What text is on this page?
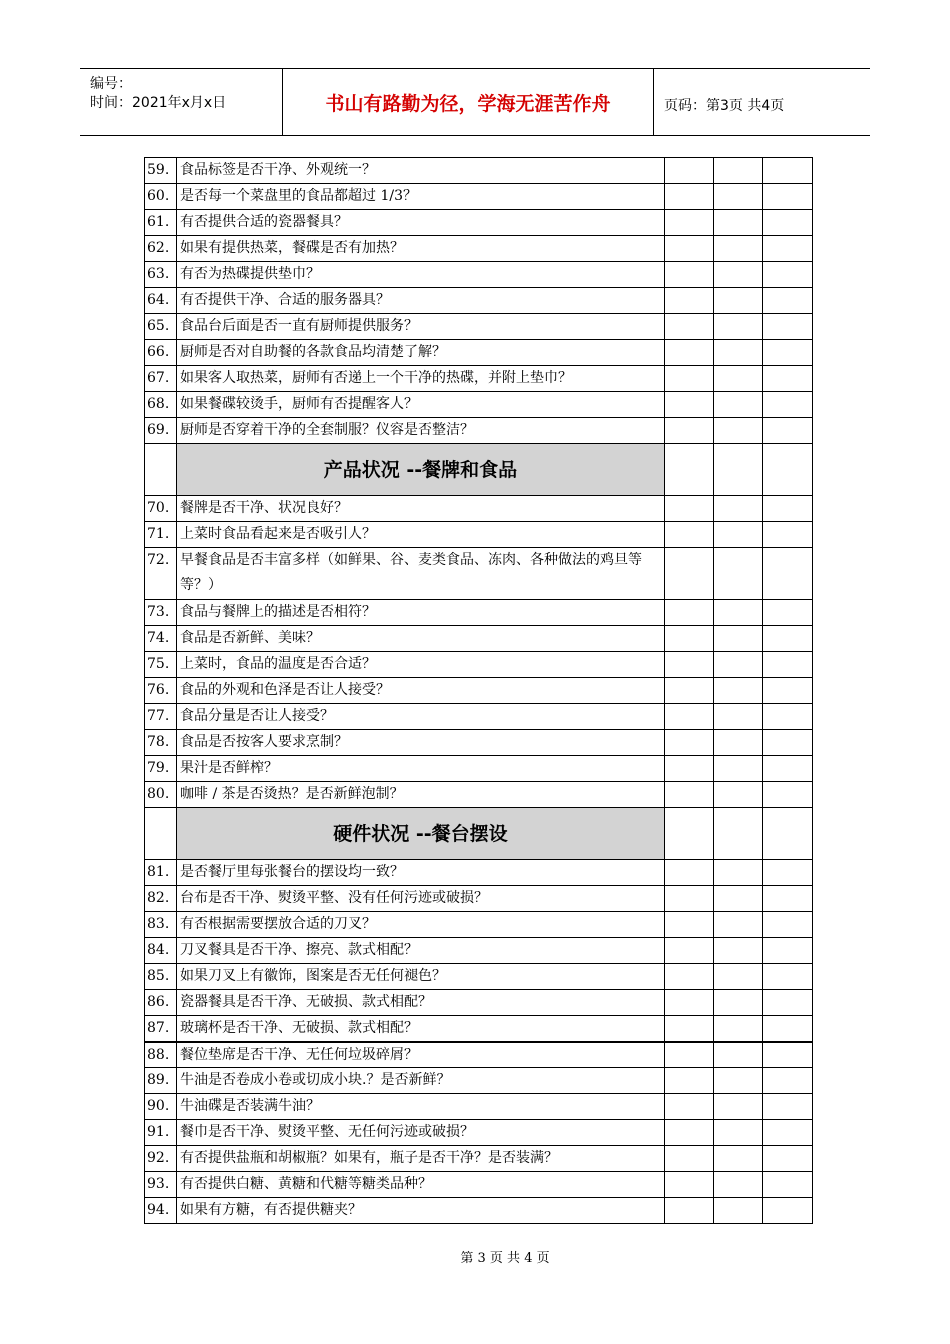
编号：
时间：2021年x月x日	书山有路勤为径，学海无涯苦作舟	页码：第3页 共4页
59.	食品标签是否干净、外观统一？			
60.	是否每一个菜盘里的食品都超过 1/3？			
61.	有否提供合适的瓷器餐具？			
62.	如果有提供热菜，餐碟是否有加热？			
63.	有否为热碟提供垫巾？			
64.	有否提供干净、合适的服务器具？			
65.	食品台后面是否一直有厨师提供服务？			
66.	厨师是否对自助餐的各款食品均清楚了解？			
67.	如果客人取热菜，厨师有否递上一个干净的热碟，并附上垫巾？			
68.	如果餐碟较烫手，厨师有否提醒客人？			
69.	厨师是否穿着干净的全套制服？仪容是否整洁？			
	产品状况 --餐牌和食品			
70.	餐牌是否干净、状况良好？			
71.	上菜时食品看起来是否吸引人？			
72.	早餐食品是否丰富多样（如鲜果、谷、麦类食品、冻肉、各种做法的鸡旦等等？）			
73.	食品与餐牌上的描述是否相符？			
74.	食品是否新鲜、美味？			
75.	上菜时，食品的温度是否合适？			
76.	食品的外观和色泽是否让人接受？			
77.	食品分量是否让人接受？			
78.	食品是否按客人要求烹制？			
79.	果汁是否鲜榨？			
80.	咖啡 / 茶是否烫热？是否新鲜泡制？			
	硬件状况 --餐台摆设			
81.	是否餐厅里每张餐台的摆设均一致？			
82.	台布是否干净、熨烫平整、没有任何污迹或破损？			
83.	有否根据需要摆放合适的刀叉？			
84.	刀叉餐具是否干净、擦亮、款式相配？			
85.	如果刀叉上有徽饰，图案是否无任何褪色？			
86.	瓷器餐具是否干净、无破损、款式相配？			
87.	玻璃杯是否干净、无破损、款式相配？			
88.	餐位垫席是否干净、无任何垃圾碎屑？			
89.	牛油是否卷成小卷或切成小块.？是否新鲜？			
90.	牛油碟是否装满牛油？			
91.	餐巾是否干净、熨烫平整、无任何污迹或破损？			
92.	有否提供盐瓶和胡椒瓶？如果有，瓶子是否干净？是否装满？			
93.	有否提供白糖、黄糖和代糖等糖类品种？			
94.	如果有方糖，有否提供糖夹？			
第 3 页 共 4 页
